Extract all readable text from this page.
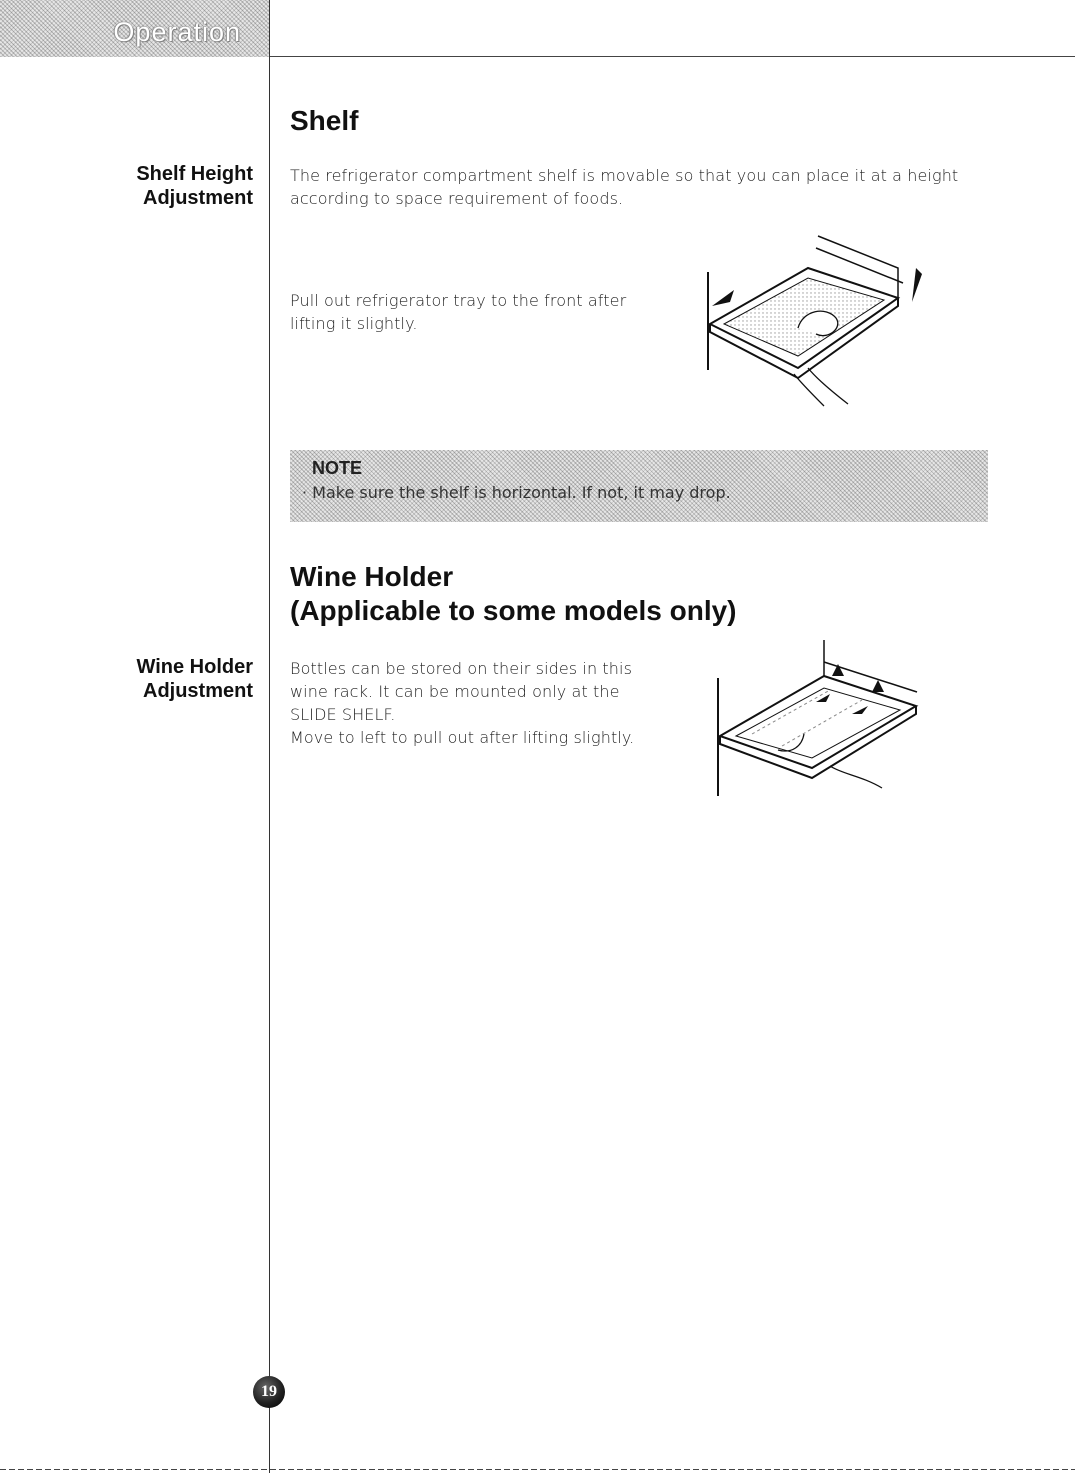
Operation
Shelf
Shelf Height
Adjustment
The refrigerator compartment shelf is movable so that you can place it at a height
according to space requirement of foods.
Pull out refrigerator tray to the front after
lifting it slightly.
NOTE
· Make sure the shelf is horizontal. If not, it may drop.
Wine Holder
(Applicable to some models only)
Wine Holder
Adjustment
Bottles can be stored on their sides in this
wine rack. It can be mounted only at the
SLIDE SHELF.
Move to left to pull out after lifting slightly.
19
